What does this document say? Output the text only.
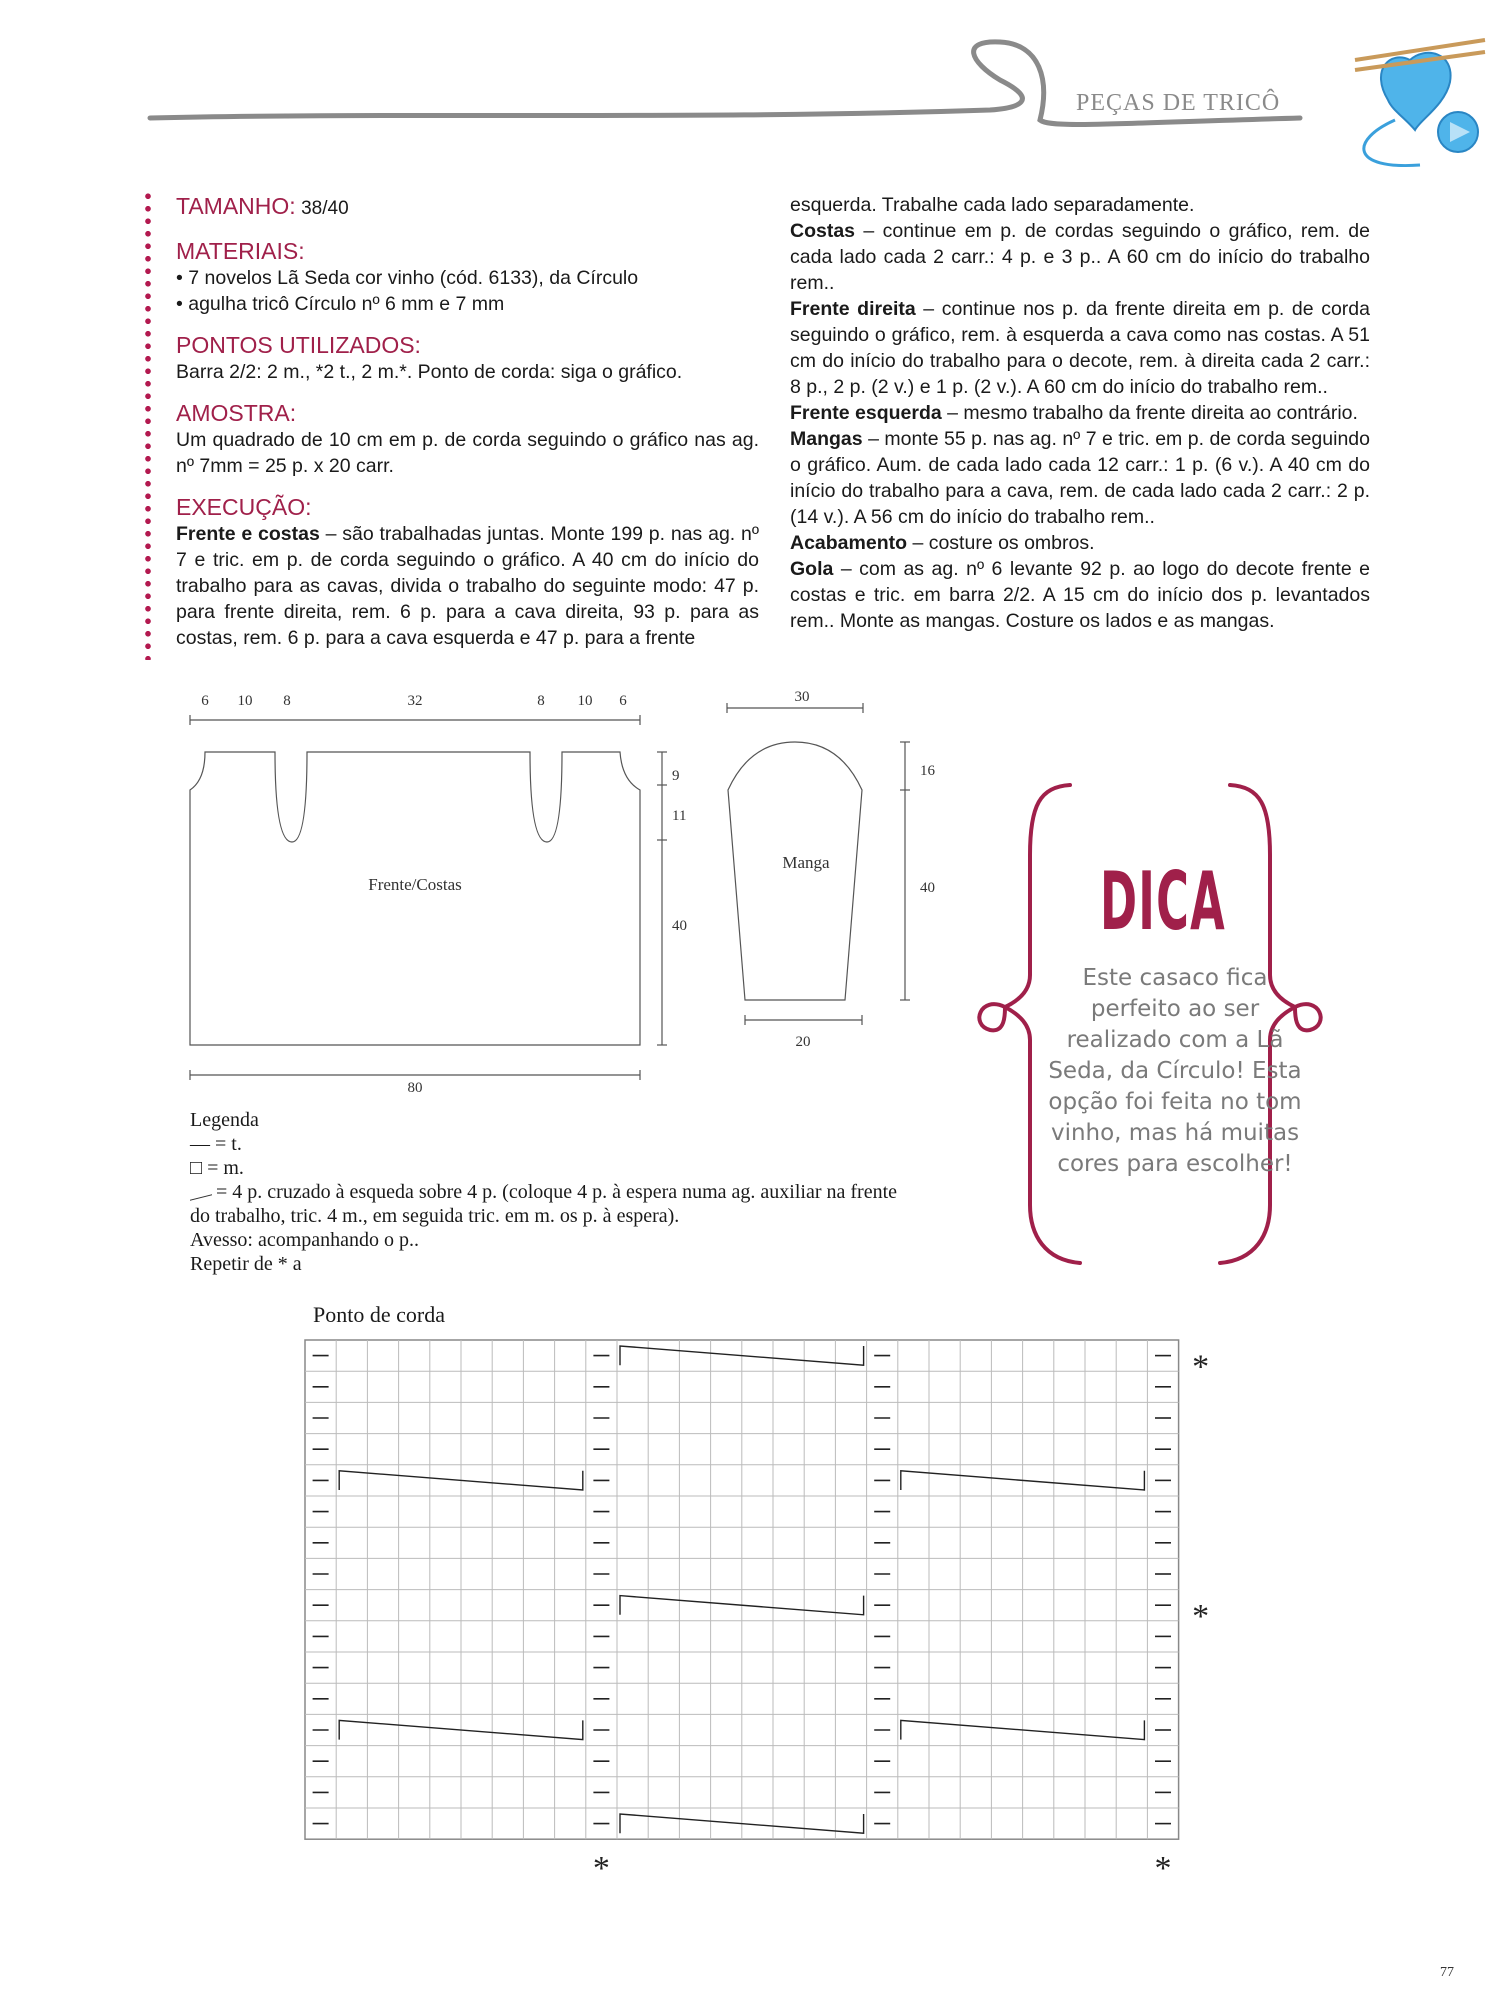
PEÇAS DE TRICÔ
TAMANHO: 38/40
MATERIAIS:

• 7 novelos Lã Seda cor vinho (cód. 6133), da Círculo

• agulha tricô Círculo nº 6 mm e 7 mm

PONTOS UTILIZADOS:

Barra 2/2: 2 m., *2 t., 2 m.*. Ponto de corda: siga o gráfico.

AMOSTRA:

Um quadrado de 10 cm em p. de corda seguindo o gráfico nas ag. nº 7mm = 25 p. x 20 carr.

EXECUÇÃO:

Frente e costas – são trabalhadas juntas. Monte 199 p. nas ag. nº 7 e tric. em p. de corda seguindo o gráfico. A 40 cm do início do trabalho para as cavas, divida o trabalho do seguinte modo: 47 p. para frente direita, rem. 6 p. para a cava direita, 93 p. para as costas, rem. 6 p. para a cava esquerda e 47 p. para a frente

esquerda. Trabalhe cada lado separadamente.

Costas – continue em p. de cordas seguindo o gráfico, rem. de cada lado cada 2 carr.: 4 p. e 3 p.. A 60 cm do início do trabalho rem..

Frente direita – continue nos p. da frente direita em p. de corda seguindo o gráfico, rem. à esquerda a cava como nas costas. A 51 cm do início do trabalho para o decote, rem. à direita cada 2 carr.: 8 p., 2 p. (2 v.) e 1 p. (2 v.). A 60 cm do início do trabalho rem..

Frente esquerda – mesmo trabalho da frente direita ao contrário.

Mangas – monte 55 p. nas ag. nº 7 e tric. em p. de corda seguindo o gráfico. Aum. de cada lado cada 12 carr.: 1 p. (6 v.). A 40 cm do início do trabalho para a cava, rem. de cada lado cada 2 carr.: 2 p. (14 v.). A 56 cm do início do trabalho rem..

Acabamento – costure os ombros.

Gola – com as ag. nº 6 levante 92 p. ao logo do decote frente e costas e tric. em barra 2/2. A 15 cm do início dos p. levantados rem.. Monte as mangas. Costure os lados e as mangas.

6 10 8	32	8 10 6
Frente/Costas
80
9
11
40
30
Manga
16
40
20
Legenda
— = t.
□ = m.
= 4 p. cruzado à esqueda sobre 4 p. (coloque 4 p. à espera numa ag. auxiliar na frente
do trabalho, tric. 4 m., em seguida tric. em m. os p. à espera).
Avesso: acompanhando o p..
Repetir de * a
DICA
Este casaco fica perfeito ao ser realizado com a Lã Seda, da Círculo! Esta opção foi feita no tom vinho, mas há muitas cores para escolher!
Ponto de corda
*
*
*	*
77
